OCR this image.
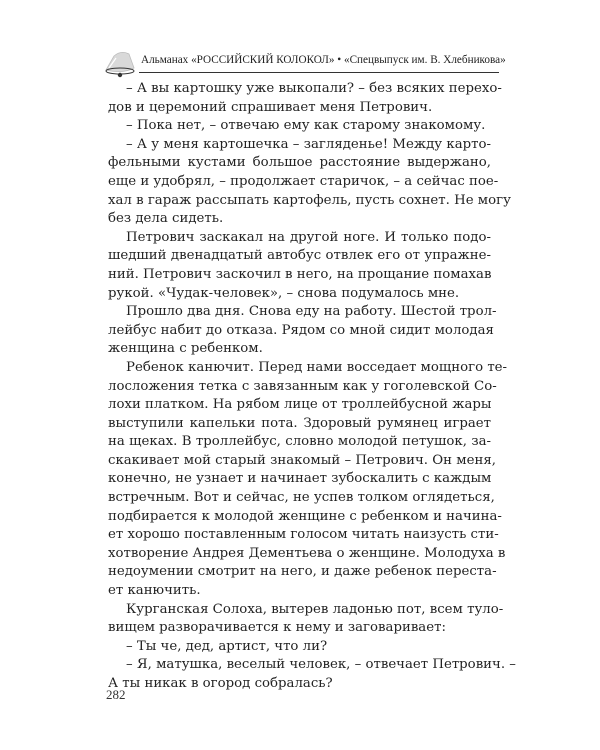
Альманах «РОССИЙСКИЙ КОЛОКОЛ» • «Спецвыпуск им. В. Хлебникова»
– А вы картошку уже выкопали? – без всяких перехо-
дов и церемоний спрашивает меня Петрович.
– Пока нет, – отвечаю ему как старому знакомому.
– А у меня картошечка – загляденье! Между карто-
фельными кустами большое расстояние выдержано,
еще и удобрял, – продолжает старичок, – а сейчас пое-
хал в гараж рассыпать картофель, пусть сохнет. Не могу
без дела сидеть.
Петрович заскакал на другой ноге. И только подо-
шедший двенадцатый автобус отвлек его от упражне-
ний. Петрович заскочил в него, на прощание помахав
рукой. «Чудак-человек», – снова подумалось мне.
Прошло два дня. Снова еду на работу. Шестой трол-
лейбус набит до отказа. Рядом со мной сидит молодая
женщина с ребенком.
Ребенок канючит. Перед нами восседает мощного те-
лосложения тетка с завязанным как у гоголевской Со-
лохи платком. На рябом лице от троллейбусной жары
выступили капельки пота. Здоровый румянец играет
на щеках. В троллейбус, словно молодой петушок, за-
скакивает мой старый знакомый – Петрович. Он меня,
конечно, не узнает и начинает зубоскалить с каждым
встречным. Вот и сейчас, не успев толком оглядеться,
подбирается к молодой женщине с ребенком и начина-
ет хорошо поставленным голосом читать наизусть сти-
хотворение Андрея Дементьева о женщине. Молодуха в
недоумении смотрит на него, и даже ребенок переста-
ет канючить.
Курганская Солоха, вытерев ладонью пот, всем туло-
вищем разворачивается к нему и заговаривает:
– Ты че, дед, артист, что ли?
– Я, матушка, веселый человек, – отвечает Петрович. –
А ты никак в огород собралась?
282
